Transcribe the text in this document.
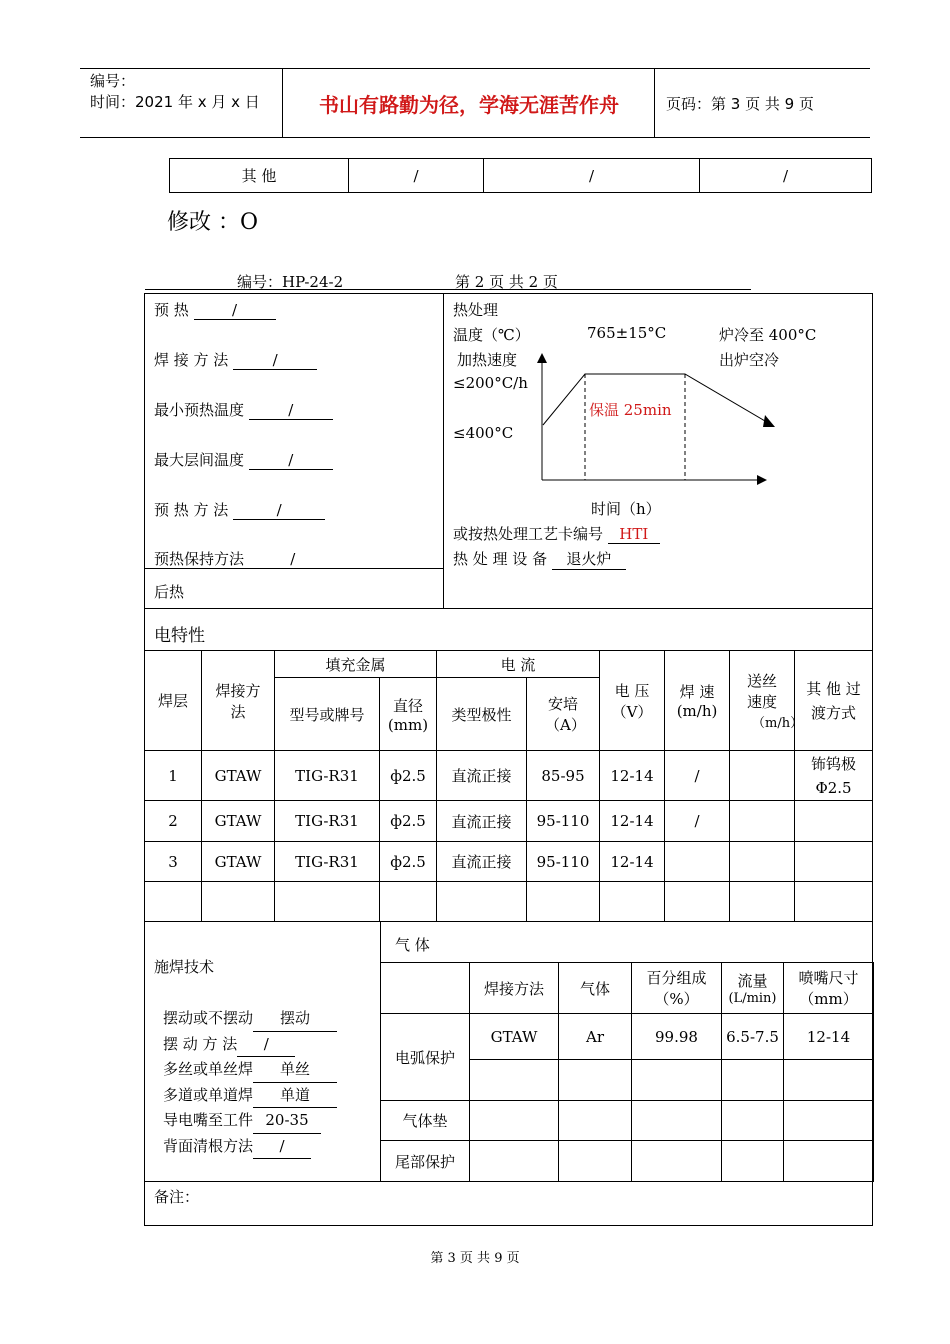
编号：
时间：2021 年 x 月 x 日	书山有路勤为径，学海无涯苦作舟	页码：第 3 页 共 9 页
其 他	/	/	/
修改 ：O
编号：HP-24-2	第 2 页 共 2 页
预 热	/
焊 接 方 法	/
最小预热温度	/
最大层间温度	/
预 热 方 法	/
预热保持方法	/
后热
热处理
温度（℃）	765±15°C	炉冷至 400°C
加热速度	出炉空冷
≤200°C/h
≤400°C
保温 25min
时间（h）
或按热处理工艺卡编号 HTI
热 处 理 设 备 退火炉
电特性
焊层	焊接方法	填充金属		电 流		电 压（V）	焊 速 (m/h)	送丝速度
（m/h）	其 他 过渡方式
		型号或牌号	直径 (mm)	类型极性	安培（A）				
1	GTAW	TIG-R31	ф2.5	直流正接	85-95	12-14	/		钸钨极 Φ2.5
2	GTAW	TIG-R31	ф2.5	直流正接	95-110	12-14	/		
3	GTAW	TIG-R31	ф2.5	直流正接	95-110	12-14			

施焊技术
摆动或不摆动 摆动
摆 动 方 法 /
多丝或单丝焊 单丝
多道或单道焊 单道
导电嘴至工件 20-35
背面清根方法 /
气 体
	焊接方法	气体	百分组成（%）	流量
(L/min)	喷嘴尺寸（mm）
电弧保护	GTAW	Ar	99.98	6.5-7.5	12-14

气体垫					
尾部保护					
备注：
第 3 页 共 9 页
